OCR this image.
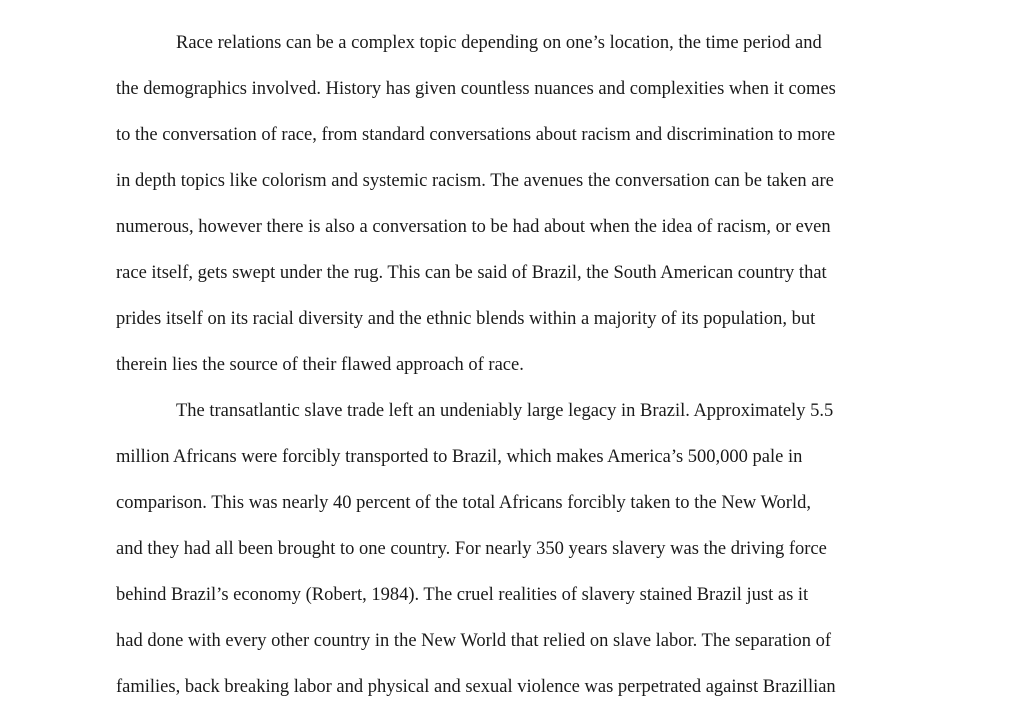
Race relations can be a complex topic depending on one’s location, the time period and
the demographics involved. History has given countless nuances and complexities when it comes
to the conversation of race, from standard conversations about racism and discrimination to more
in depth topics like colorism and systemic racism. The avenues the conversation can be taken are
numerous, however there is also a conversation to be had about when the idea of racism, or even
race itself, gets swept under the rug. This can be said of Brazil, the South American country that
prides itself on its racial diversity and the ethnic blends within a majority of its population, but
therein lies the source of their flawed approach of race.
The transatlantic slave trade left an undeniably large legacy in Brazil. Approximately 5.5
million Africans were forcibly transported to Brazil, which makes America’s 500,000 pale in
comparison. This was nearly 40 percent of the total Africans forcibly taken to the New World,
and they had all been brought to one country. For nearly 350 years slavery was the driving force
behind Brazil’s economy (Robert, 1984). The cruel realities of slavery stained Brazil just as it
had done with every other country in the New World that relied on slave labor. The separation of
families, back breaking labor and physical and sexual violence was perpetrated against Brazillian
